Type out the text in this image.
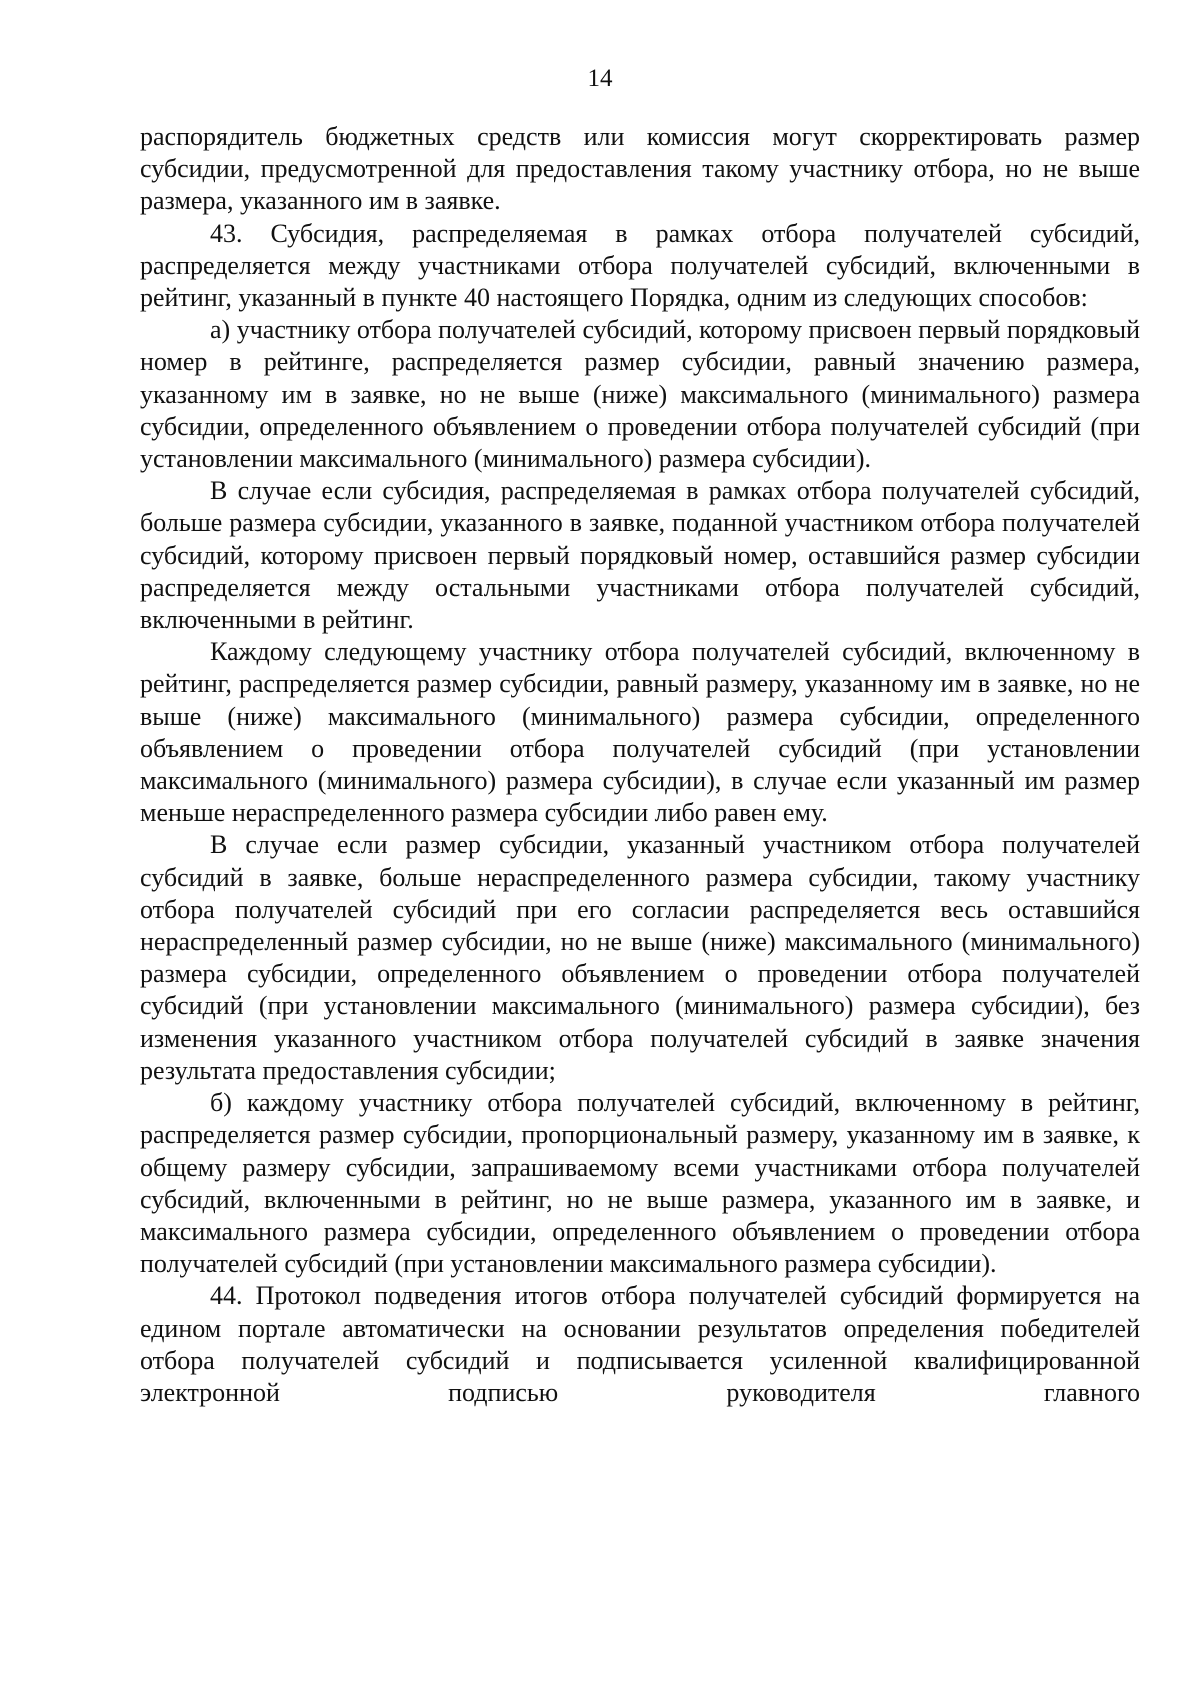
14

распорядитель бюджетных средств или комиссия могут скорректировать размер субсидии, предусмотренной для предоставления такому участнику отбора, но не выше размера, указанного им в заявке.

43. Субсидия, распределяемая в рамках отбора получателей субсидий, распределяется между участниками отбора получателей субсидий, включенными в рейтинг, указанный в пункте 40 настоящего Порядка, одним из следующих способов:

а) участнику отбора получателей субсидий, которому присвоен первый порядковый номер в рейтинге, распределяется размер субсидии, равный значению размера, указанному им в заявке, но не выше (ниже) максимального (минимального) размера субсидии, определенного объявлением о проведении отбора получателей субсидий (при установлении максимального (минимального) размера субсидии).

В случае если субсидия, распределяемая в рамках отбора получателей субсидий, больше размера субсидии, указанного в заявке, поданной участником отбора получателей субсидий, которому присвоен первый порядковый номер, оставшийся размер субсидии распределяется между остальными участниками отбора получателей субсидий, включенными в рейтинг.

Каждому следующему участнику отбора получателей субсидий, включенному в рейтинг, распределяется размер субсидии, равный размеру, указанному им в заявке, но не выше (ниже) максимального (минимального) размера субсидии, определенного объявлением о проведении отбора получателей субсидий (при установлении максимального (минимального) размера субсидии), в случае если указанный им размер меньше нераспределенного размера субсидии либо равен ему.

В случае если размер субсидии, указанный участником отбора получателей субсидий в заявке, больше нераспределенного размера субсидии, такому участнику отбора получателей субсидий при его согласии распределяется весь оставшийся нераспределенный размер субсидии, но не выше (ниже) максимального (минимального) размера субсидии, определенного объявлением о проведении отбора получателей субсидий (при установлении максимального (минимального) размера субсидии), без изменения указанного участником отбора получателей субсидий в заявке значения результата предоставления субсидии;

б) каждому участнику отбора получателей субсидий, включенному в рейтинг, распределяется размер субсидии, пропорциональный размеру, указанному им в заявке, к общему размеру субсидии, запрашиваемому всеми участниками отбора получателей субсидий, включенными в рейтинг, но не выше размера, указанного им в заявке, и максимального размера субсидии, определенного объявлением о проведении отбора получателей субсидий (при установлении максимального размера субсидии).

44. Протокол подведения итогов отбора получателей субсидий формируется на едином портале автоматически на основании результатов определения победителей отбора получателей субсидий и подписывается усиленной квалифицированной электронной подписью руководителя главного
